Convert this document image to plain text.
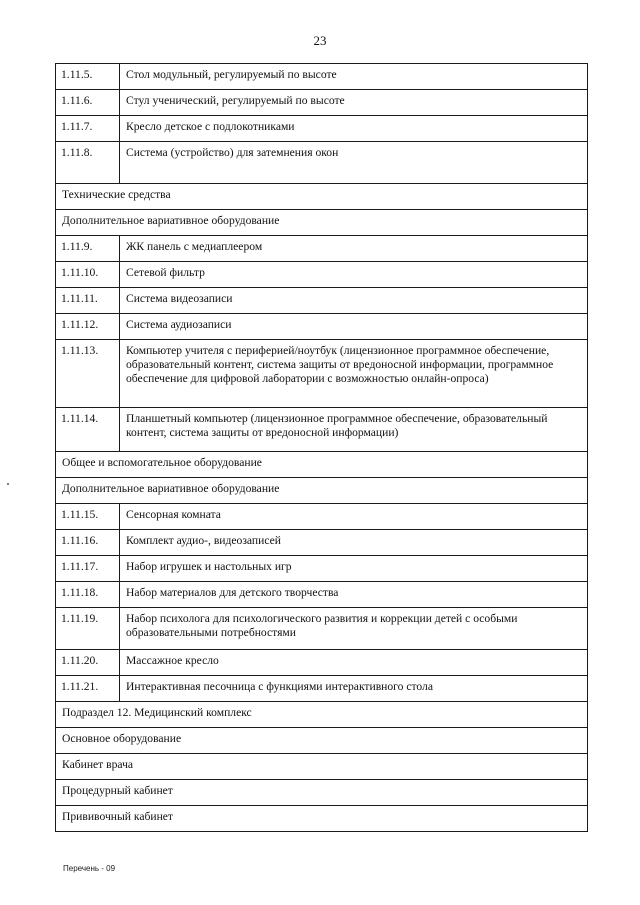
23
1.11.5.	Стол модульный, регулируемый по высоте
1.11.6.	Стул ученический, регулируемый по высоте
1.11.7.	Кресло детское с подлокотниками
1.11.8.	Система (устройство) для затемнения окон
Технические средства	
Дополнительное вариативное оборудование	
1.11.9.	ЖК панель с медиаплеером
1.11.10.	Сетевой фильтр
1.11.11.	Система видеозаписи
1.11.12.	Система аудиозаписи
1.11.13.	Компьютер учителя с периферией/ноутбук (лицензионное программное обеспечение, образовательный контент, система защиты от вредоносной информации, программное обеспечение для цифровой лаборатории с возможностью онлайн-опроса)
1.11.14.	Планшетный компьютер (лицензионное программное обеспечение, образовательный контент, система защиты от вредоносной информации)
Общее и вспомогательное оборудование	
Дополнительное вариативное оборудование	
1.11.15.	Сенсорная комната
1.11.16.	Комплект аудио-, видеозаписей
1.11.17.	Набор игрушек и настольных игр
1.11.18.	Набор материалов для детского творчества
1.11.19.	Набор психолога для психологического развития и коррекции детей с особыми образовательными потребностями
1.11.20.	Массажное кресло
1.11.21.	Интерактивная песочница с функциями интерактивного стола
Подраздел 12. Медицинский комплекс	
Основное оборудование	
Кабинет врача	
Процедурный кабинет	
Прививочный кабинет	
Перечень - 09
